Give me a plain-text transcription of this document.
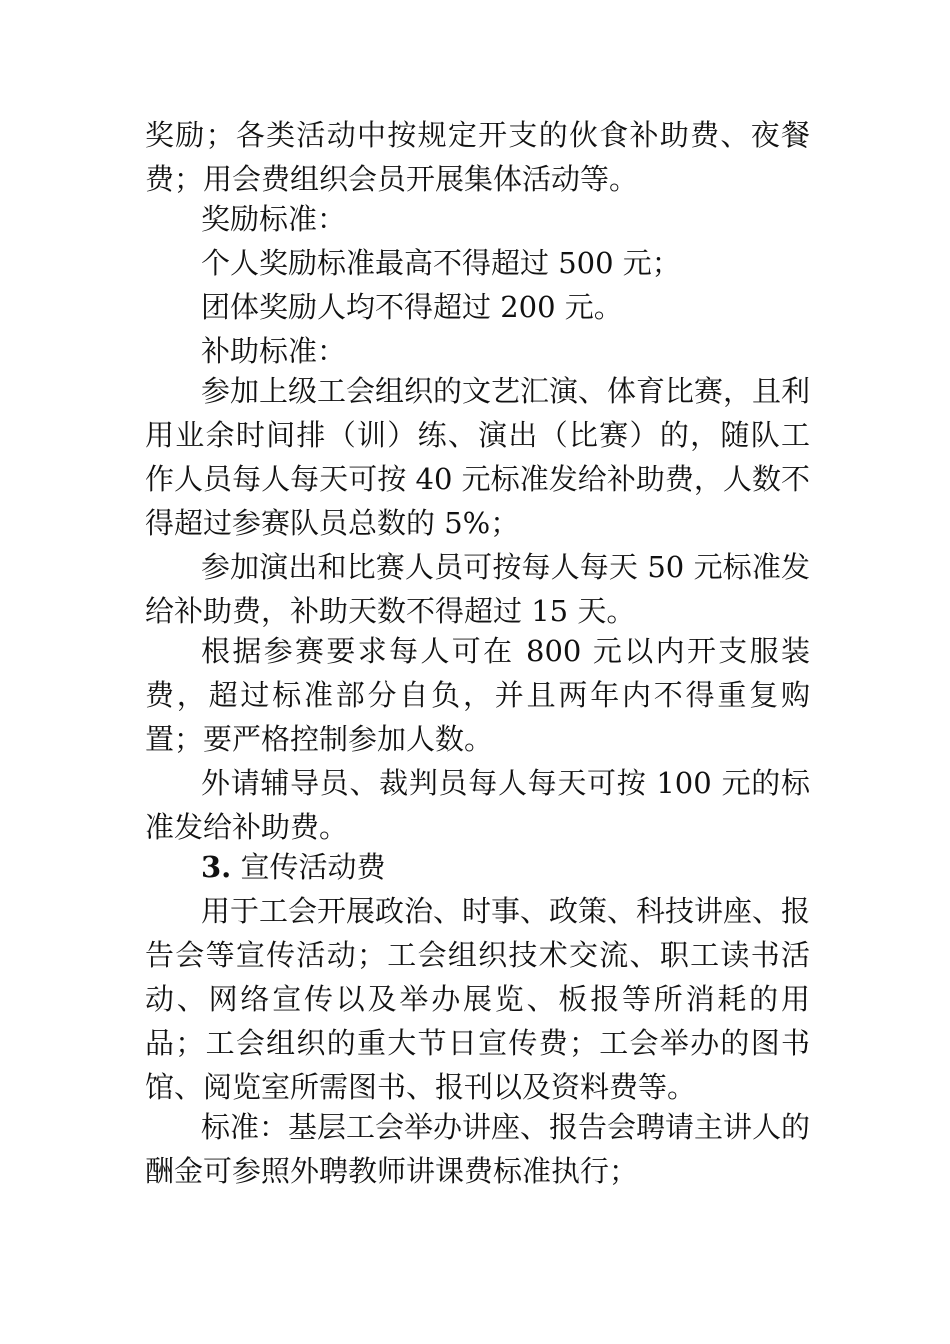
奖励；各类活动中按规定开支的伙食补助费、夜餐费；用会费组织会员开展集体活动等。

奖励标准：

个人奖励标准最高不得超过 500 元；

团体奖励人均不得超过 200 元。

补助标准：

参加上级工会组织的文艺汇演、体育比赛，且利用业余时间排（训）练、演出（比赛）的，随队工作人员每人每天可按 40 元标准发给补助费，人数不得超过参赛队员总数的 5%；

参加演出和比赛人员可按每人每天 50 元标准发给补助费，补助天数不得超过 15 天。

根据参赛要求每人可在 800 元以内开支服装费，超过标准部分自负，并且两年内不得重复购置；要严格控制参加人数。

外请辅导员、裁判员每人每天可按 100 元的标准发给补助费。

3. 宣传活动费

用于工会开展政治、时事、政策、科技讲座、报告会等宣传活动；工会组织技术交流、职工读书活动、网络宣传以及举办展览、板报等所消耗的用品；工会组织的重大节日宣传费；工会举办的图书馆、阅览室所需图书、报刊以及资料费等。

标准：基层工会举办讲座、报告会聘请主讲人的酬金可参照外聘教师讲课费标准执行；
